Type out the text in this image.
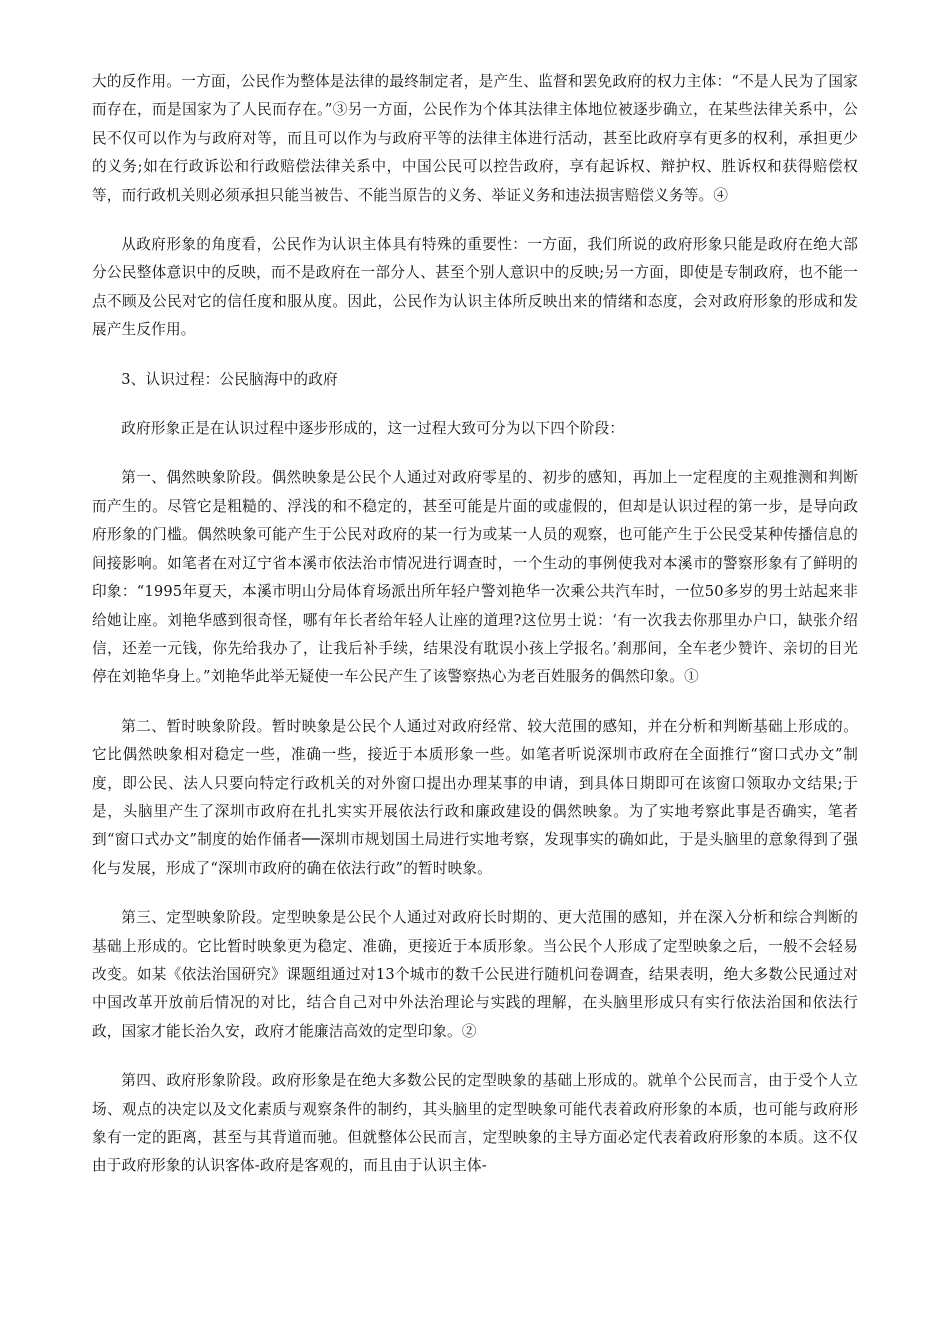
大的反作用。一方面，公民作为整体是法律的最终制定者，是产生、监督和罢免政府的权力主体：“不是人民为了国家而存在，而是国家为了人民而存在。”③另一方面，公民作为个体其法律主体地位被逐步确立，在某些法律关系中，公民不仅可以作为与政府对等，而且可以作为与政府平等的法律主体进行活动，甚至比政府享有更多的权利，承担更少的义务;如在行政诉讼和行政赔偿法律关系中，中国公民可以控告政府，享有起诉权、辩护权、胜诉权和获得赔偿权等，而行政机关则必须承担只能当被告、不能当原告的义务、举证义务和违法损害赔偿义务等。④

从政府形象的角度看，公民作为认识主体具有特殊的重要性：一方面，我们所说的政府形象只能是政府在绝大部分公民整体意识中的反映，而不是政府在一部分人、甚至个别人意识中的反映;另一方面，即使是专制政府，也不能一点不顾及公民对它的信任度和服从度。因此，公民作为认识主体所反映出来的情绪和态度，会对政府形象的形成和发展产生反作用。

3、认识过程：公民脑海中的政府

政府形象正是在认识过程中逐步形成的，这一过程大致可分为以下四个阶段：

第一、偶然映象阶段。偶然映象是公民个人通过对政府零星的、初步的感知，再加上一定程度的主观推测和判断而产生的。尽管它是粗糙的、浮浅的和不稳定的，甚至可能是片面的或虚假的，但却是认识过程的第一步，是导向政府形象的门槛。偶然映象可能产生于公民对政府的某一行为或某一人员的观察，也可能产生于公民受某种传播信息的间接影响。如笔者在对辽宁省本溪市依法治市情况进行调查时，一个生动的事例使我对本溪市的警察形象有了鲜明的印象：“1995年夏天，本溪市明山分局体育场派出所年轻户警刘艳华一次乘公共汽车时，一位50多岁的男士站起来非给她让座。刘艳华感到很奇怪，哪有年长者给年轻人让座的道理?这位男士说：‘有一次我去你那里办户口，缺张介绍信，还差一元钱，你先给我办了，让我后补手续，结果没有耽误小孩上学报名。’刹那间，全车老少赞许、亲切的目光停在刘艳华身上。”刘艳华此举无疑使一车公民产生了该警察热心为老百姓服务的偶然印象。①

第二、暂时映象阶段。暂时映象是公民个人通过对政府经常、较大范围的感知，并在分析和判断基础上形成的。它比偶然映象相对稳定一些，准确一些，接近于本质形象一些。如笔者听说深圳市政府在全面推行“窗口式办文”制度，即公民、法人只要向特定行政机关的对外窗口提出办理某事的申请，到具体日期即可在该窗口领取办文结果;于是，头脑里产生了深圳市政府在扎扎实实开展依法行政和廉政建设的偶然映象。为了实地考察此事是否确实，笔者到“窗口式办文”制度的始作俑者──深圳市规划国土局进行实地考察，发现事实的确如此，于是头脑里的意象得到了强化与发展，形成了“深圳市政府的确在依法行政”的暂时映象。

第三、定型映象阶段。定型映象是公民个人通过对政府长时期的、更大范围的感知，并在深入分析和综合判断的基础上形成的。它比暂时映象更为稳定、准确，更接近于本质形象。当公民个人形成了定型映象之后，一般不会轻易改变。如某《依法治国研究》课题组通过对13个城市的数千公民进行随机问卷调查，结果表明，绝大多数公民通过对中国改革开放前后情况的对比，结合自己对中外法治理论与实践的理解，在头脑里形成只有实行依法治国和依法行政，国家才能长治久安，政府才能廉洁高效的定型印象。②

第四、政府形象阶段。政府形象是在绝大多数公民的定型映象的基础上形成的。就单个公民而言，由于受个人立场、观点的决定以及文化素质与观察条件的制约，其头脑里的定型映象可能代表着政府形象的本质，也可能与政府形象有一定的距离，甚至与其背道而驰。但就整体公民而言，定型映象的主导方面必定代表着政府形象的本质。这不仅由于政府形象的认识客体-政府是客观的，而且由于认识主体-
